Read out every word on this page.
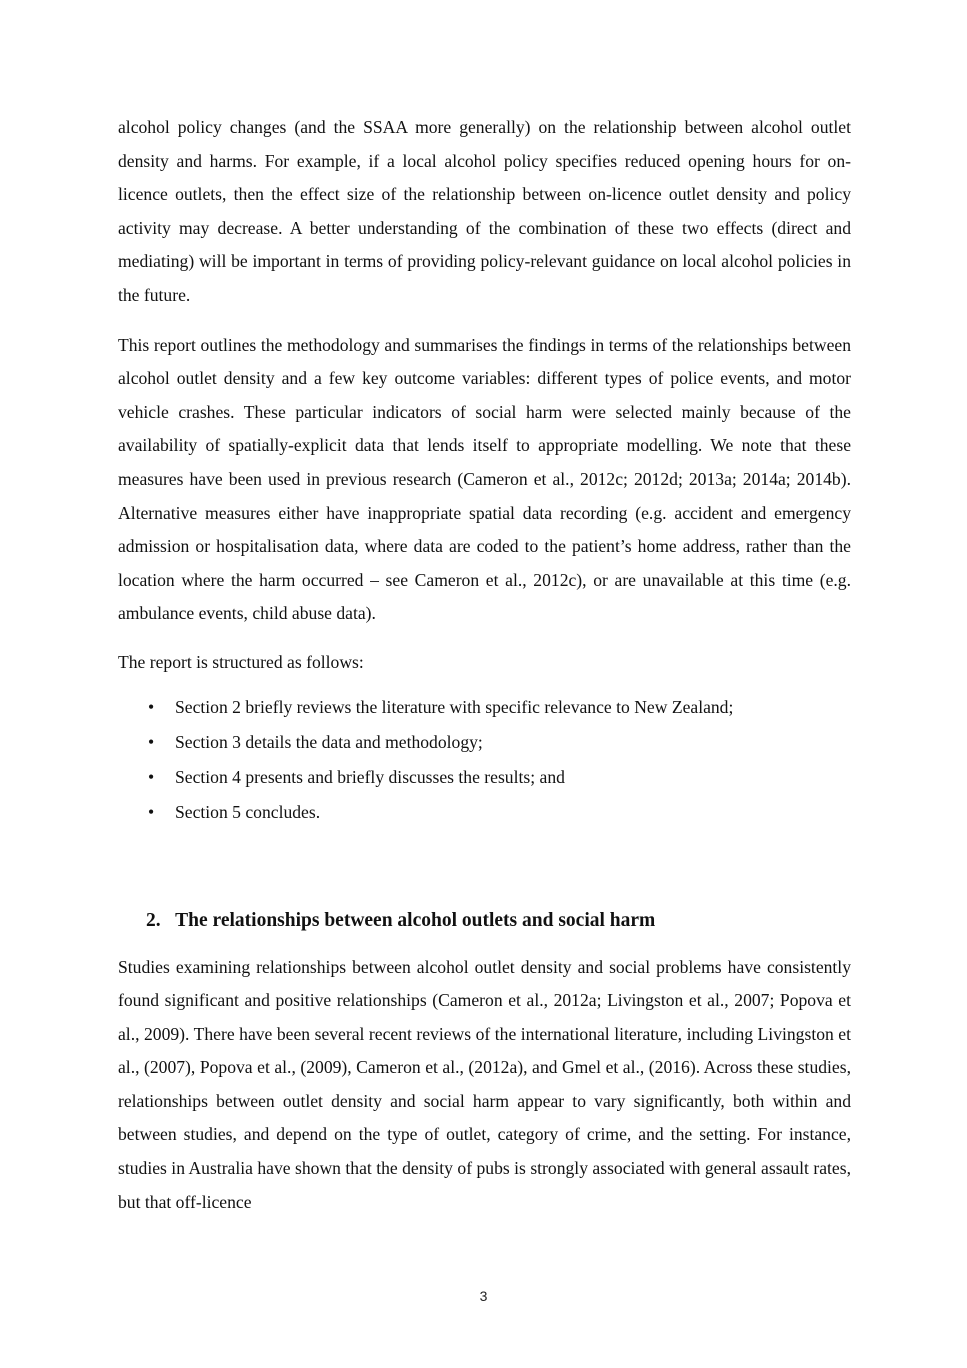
alcohol policy changes (and the SSAA more generally) on the relationship between alcohol outlet density and harms. For example, if a local alcohol policy specifies reduced opening hours for on-licence outlets, then the effect size of the relationship between on-licence outlet density and policy activity may decrease. A better understanding of the combination of these two effects (direct and mediating) will be important in terms of providing policy-relevant guidance on local alcohol policies in the future.

This report outlines the methodology and summarises the findings in terms of the relationships between alcohol outlet density and a few key outcome variables: different types of police events, and motor vehicle crashes. These particular indicators of social harm were selected mainly because of the availability of spatially-explicit data that lends itself to appropriate modelling. We note that these measures have been used in previous research (Cameron et al., 2012c; 2012d; 2013a; 2014a; 2014b). Alternative measures either have inappropriate spatial data recording (e.g. accident and emergency admission or hospitalisation data, where data are coded to the patient’s home address, rather than the location where the harm occurred – see Cameron et al., 2012c), or are unavailable at this time (e.g. ambulance events, child abuse data).

The report is structured as follows:

• Section 2 briefly reviews the literature with specific relevance to New Zealand;
• Section 3 details the data and methodology;
• Section 4 presents and briefly discusses the results; and
• Section 5 concludes.
2. The relationships between alcohol outlets and social harm

Studies examining relationships between alcohol outlet density and social problems have consistently found significant and positive relationships (Cameron et al., 2012a; Livingston et al., 2007; Popova et al., 2009). There have been several recent reviews of the international literature, including Livingston et al., (2007), Popova et al., (2009), Cameron et al., (2012a), and Gmel et al., (2016). Across these studies, relationships between outlet density and social harm appear to vary significantly, both within and between studies, and depend on the type of outlet, category of crime, and the setting. For instance, studies in Australia have shown that the density of pubs is strongly associated with general assault rates, but that off-licence

3
